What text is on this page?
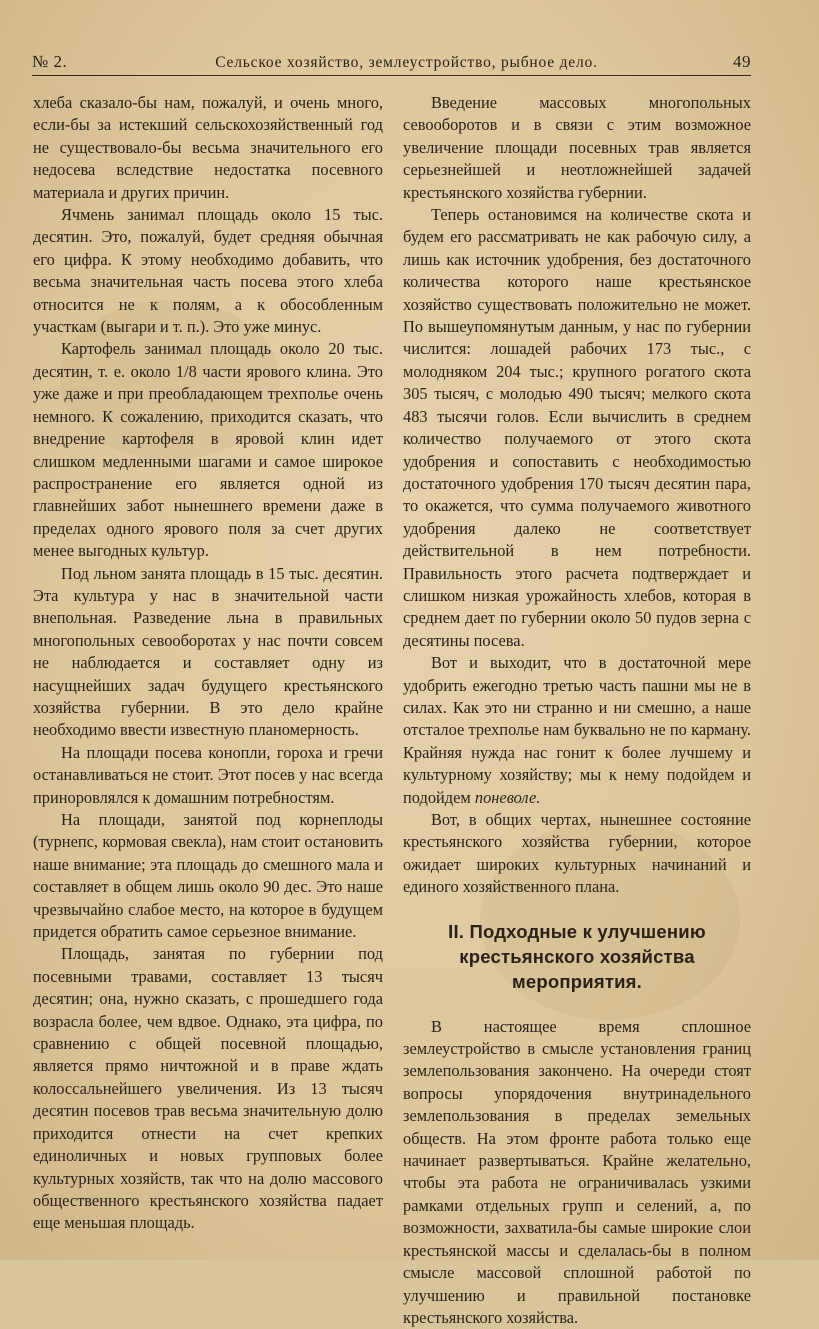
№ 2.	Сельское хозяйство, землеустройство, рыбное дело.	49

хлеба сказало-бы нам, пожалуй, и очень много, если-бы за истекший сельскохозяйственный год не существовало-бы весьма значительного его недосева вследствие недостатка посевного материала и других причин.

Ячмень занимал площадь около 15 тыс. десятин. Это, пожалуй, будет средняя обычная его цифра. К этому необходимо добавить, что весьма значительная часть посева этого хлеба относится не к полям, а к обособленным участкам (выгари и т. п.). Это уже минус.

Картофель занимал площадь около 20 тыс. десятин, т. е. около 1/8 части ярового клина. Это уже даже и при преобладающем трехполье очень немного. К сожалению, приходится сказать, что внедрение картофеля в яровой клин идет слишком медленными шагами и самое широкое распространение его является одной из главнейших забот нынешнего времени даже в пределах одного ярового поля за счет других менее выгодных культур.

Под льном занята площадь в 15 тыс. десятин. Эта культура у нас в значительной части внепольная. Разведение льна в правильных многопольных севооборотах у нас почти совсем не наблюдается и составляет одну из насущнейших задач будущего крестьянского хозяйства губернии. В это дело крайне необходимо ввести известную планомерность.

На площади посева конопли, гороха и гречи останавливаться не стоит. Этот посев у нас всегда приноровлялся к домашним потребностям.

На площади, занятой под корнеплоды (турнепс, кормовая свекла), нам стоит остановить наше внимание; эта площадь до смешного мала и составляет в общем лишь около 90 дес. Это наше чрезвычайно слабое место, на которое в будущем придется обратить самое серьезное внимание.

Площадь, занятая по губернии под посевными травами, составляет 13 тысяч десятин; она, нужно сказать, с прошедшего года возрасла более, чем вдвое. Однако, эта цифра, по сравнению с общей посевной площадью, является прямо ничтожной и в праве ждать колоссальнейшего увеличения. Из 13 тысяч десятин посевов трав весьма значительную долю приходится отнести на счет крепких единоличных и новых групповых более культурных хозяйств, так что на долю массового общественного крестьянского хозяйства падает еще меньшая площадь.

Введение массовых многопольных севооборотов и в связи с этим возможное увеличение площади посевных трав является серьезнейшей и неотложнейшей задачей крестьянского хозяйства губернии.

Теперь остановимся на количестве скота и будем его рассматривать не как рабочую силу, а лишь как источник удобрения, без достаточного количества которого наше крестьянское хозяйство существовать положительно не может. По вышеупомянутым данным, у нас по губернии числится: лошадей рабочих 173 тыс., с молодняком 204 тыс.; крупного рогатого скота 305 тысяч, с молодью 490 тысяч; мелкого скота 483 тысячи голов. Если вычислить в среднем количество получаемого от этого скота удобрения и сопоставить с необходимостью достаточного удобрения 170 тысяч десятин пара, то окажется, что сумма получаемого животного удобрения далеко не соответствует действительной в нем потребности. Правильность этого расчета подтверждает и слишком низкая урожайность хлебов, которая в среднем дает по губернии около 50 пудов зерна с десятины посева.

Вот и выходит, что в достаточной мере удобрить ежегодно третью часть пашни мы не в силах. Как это ни странно и ни смешно, а наше отсталое трехполье нам буквально не по карману. Крайняя нужда нас гонит к более лучшему и культурному хозяйству; мы к нему подойдем и подойдем поневоле.

Вот, в общих чертах, нынешнее состояние крестьянского хозяйства губернии, которое ожидает широких культурных начинаний и единого хозяйственного плана.

II. Подходные к улучшению крестьянского хозяйства мероприятия.

В настоящее время сплошное землеустройство в смысле установления границ землепользования закончено. На очереди стоят вопросы упорядочения внутринадельного землепользования в пределах земельных обществ. На этом фронте работа только еще начинает развертываться. Крайне желательно, чтобы эта работа не ограничивалась узкими рамками отдельных групп и селений, а, по возможности, захватила-бы самые широкие слои крестьянской массы и сделалась-бы в полном смысле массовой сплошной работой по улучшению и правильной постановке крестьянского хозяйства.
